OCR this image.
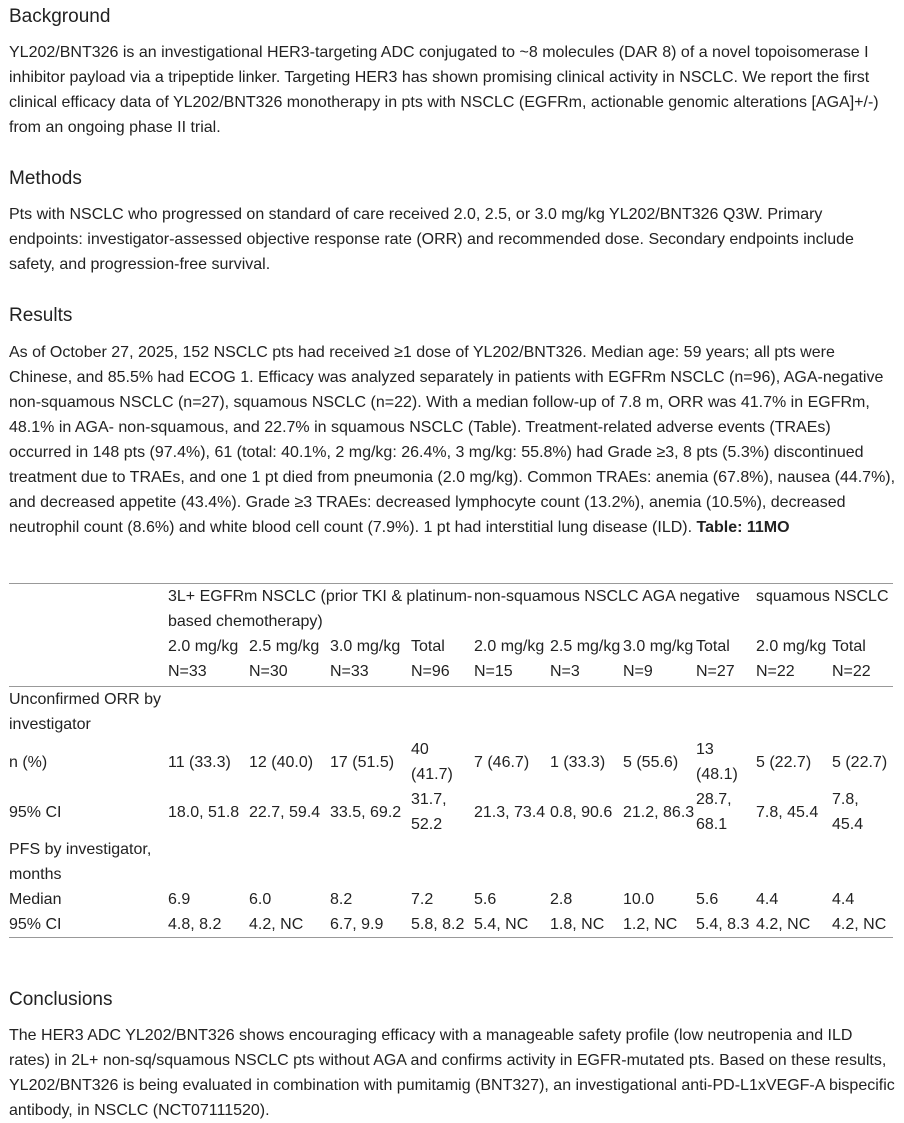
Background

YL202/BNT326 is an investigational HER3-targeting ADC conjugated to ~8 molecules (DAR 8) of a novel topoisomerase I inhibitor payload via a tripeptide linker. Targeting HER3 has shown promising clinical activity in NSCLC. We report the first clinical efficacy data of YL202/BNT326 monotherapy in pts with NSCLC (EGFRm, actionable genomic alterations [AGA]+/-) from an ongoing phase II trial.

Methods

Pts with NSCLC who progressed on standard of care received 2.0, 2.5, or 3.0 mg/kg YL202/BNT326 Q3W. Primary endpoints: investigator-assessed objective response rate (ORR) and recommended dose. Secondary endpoints include safety, and progression-free survival.

Results

As of October 27, 2025, 152 NSCLC pts had received ≥1 dose of YL202/BNT326. Median age: 59 years; all pts were Chinese, and 85.5% had ECOG 1. Efficacy was analyzed separately in patients with EGFRm NSCLC (n=96), AGA-negative non-squamous NSCLC (n=27), squamous NSCLC (n=22). With a median follow-up of 7.8 m, ORR was 41.7% in EGFRm, 48.1% in AGA- non-squamous, and 22.7% in squamous NSCLC (Table). Treatment-related adverse events (TRAEs) occurred in 148 pts (97.4%), 61 (total: 40.1%, 2 mg/kg: 26.4%, 3 mg/kg: 55.8%) had Grade ≥3, 8 pts (5.3%) discontinued treatment due to TRAEs, and one 1 pt died from pneumonia (2.0 mg/kg). Common TRAEs: anemia (67.8%), nausea (44.7%), and decreased appetite (43.4%). Grade ≥3 TRAEs: decreased lymphocyte count (13.2%), anemia (10.5%), decreased neutrophil count (8.6%) and white blood cell count (7.9%). 1 pt had interstitial lung disease (ILD). Table: 11MO

	3L+ EGFRm NSCLC (prior TKI & platinum-based chemotherapy)				non-squamous NSCLC AGA negative				squamous NSCLC	
	2.0 mg/kg N=33	2.5 mg/kg N=30	3.0 mg/kg N=33	Total N=96	2.0 mg/kg N=15	2.5 mg/kg N=3	3.0 mg/kg N=9	Total N=27	2.0 mg/kg N=22	Total N=22
Unconfirmed ORR by investigator										
n (%)	11 (33.3)	12 (40.0)	17 (51.5)	40 (41.7)	7 (46.7)	1 (33.3)	5 (55.6)	13 (48.1)	5 (22.7)	5 (22.7)
95% CI	18.0, 51.8	22.7, 59.4	33.5, 69.2	31.7, 52.2	21.3, 73.4	0.8, 90.6	21.2, 86.3	28.7, 68.1	7.8, 45.4	7.8, 45.4
PFS by investigator, months										
Median	6.9	6.0	8.2	7.2	5.6	2.8	10.0	5.6	4.4	4.4
95% CI	4.8, 8.2	4.2, NC	6.7, 9.9	5.8, 8.2	5.4, NC	1.8, NC	1.2, NC	5.4, 8.3	4.2, NC	4.2, NC
Conclusions

The HER3 ADC YL202/BNT326 shows encouraging efficacy with a manageable safety profile (low neutropenia and ILD rates) in 2L+ non-sq/squamous NSCLC pts without AGA and confirms activity in EGFR-mutated pts. Based on these results, YL202/BNT326 is being evaluated in combination with pumitamig (BNT327), an investigational anti-PD-L1xVEGF-A bispecific antibody, in NSCLC (NCT07111520).
